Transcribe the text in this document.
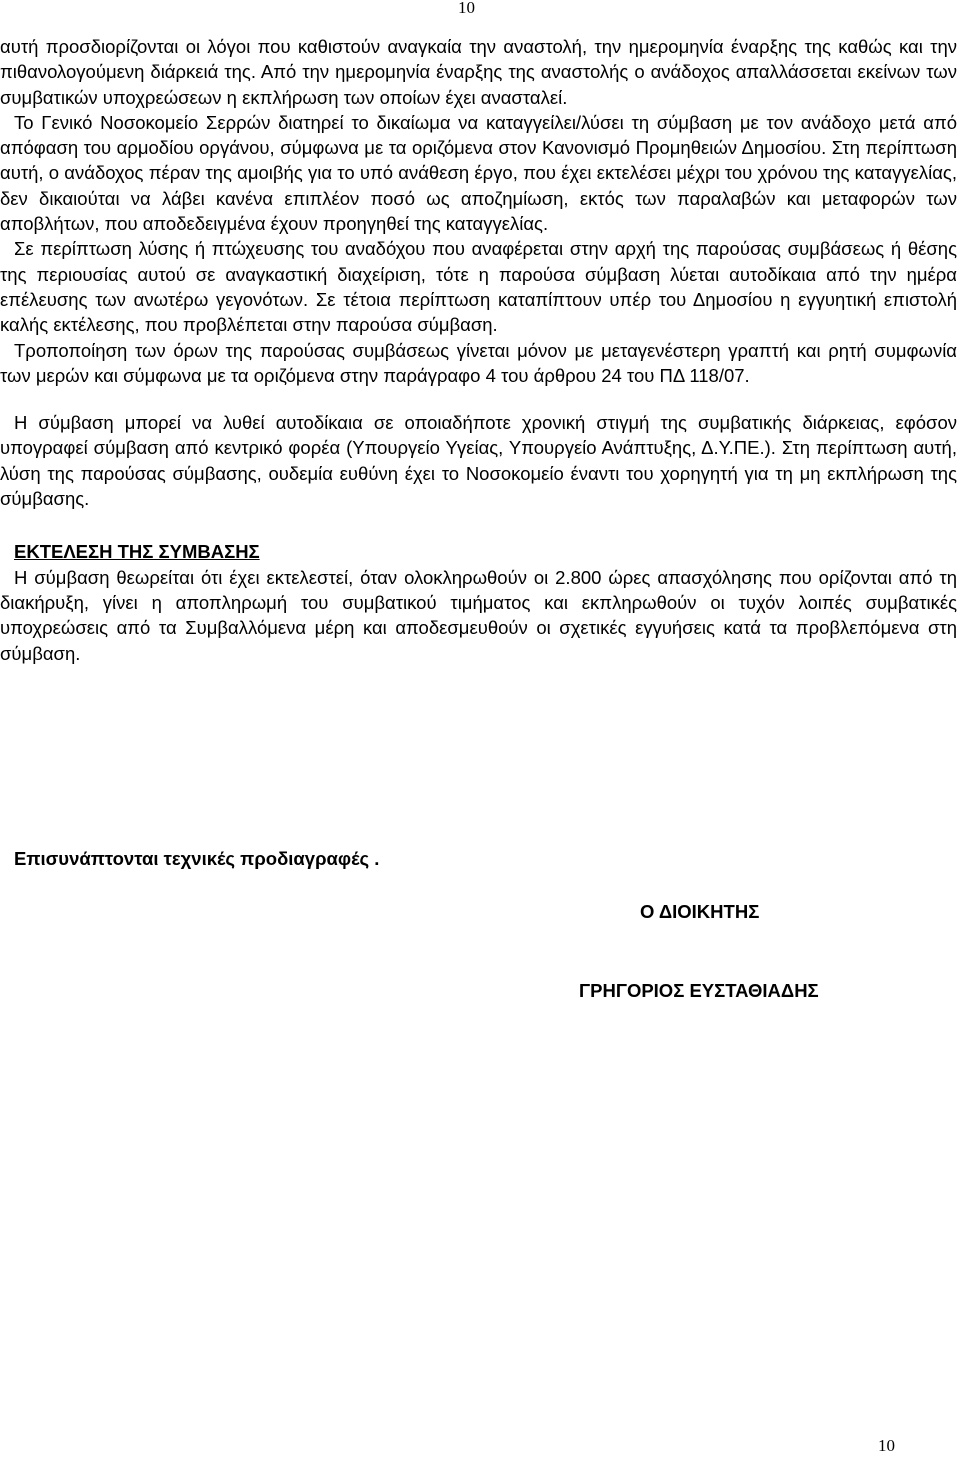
10

αυτή προσδιορίζονται οι λόγοι που καθιστούν αναγκαία την αναστολή, την ημερομηνία έναρξης της καθώς και την πιθανολογούμενη διάρκειά της. Από την ημερομηνία έναρξης της αναστολής ο ανάδοχος απαλλάσσεται εκείνων των συμβατικών υποχρεώσεων η εκπλήρωση των οποίων έχει ανασταλεί.

Το Γενικό Νοσοκομείο Σερρών διατηρεί το δικαίωμα να καταγγείλει/λύσει τη σύμβαση με τον ανάδοχο μετά από απόφαση του αρμοδίου οργάνου, σύμφωνα με τα οριζόμενα στον Κανονισμό Προμηθειών Δημοσίου. Στη περίπτωση αυτή, ο ανάδοχος πέραν της αμοιβής για το υπό ανάθεση έργο, που έχει εκτελέσει μέχρι του χρόνου της καταγγελίας, δεν δικαιούται να λάβει κανένα επιπλέον ποσό ως αποζημίωση, εκτός των παραλαβών και μεταφορών των αποβλήτων, που αποδεδειγμένα έχουν προηγηθεί της καταγγελίας.

Σε περίπτωση λύσης ή πτώχευσης του αναδόχου που αναφέρεται στην αρχή της παρούσας συμβάσεως ή θέσης της περιουσίας αυτού σε αναγκαστική διαχείριση, τότε η παρούσα σύμβαση λύεται αυτοδίκαια από την ημέρα επέλευσης των ανωτέρω γεγονότων. Σε τέτοια περίπτωση καταπίπτουν υπέρ του Δημοσίου η εγγυητική επιστολή καλής εκτέλεσης, που προβλέπεται στην παρούσα σύμβαση.

Τροποποίηση των όρων της παρούσας συμβάσεως γίνεται μόνον με μεταγενέστερη γραπτή και ρητή συμφωνία των μερών και σύμφωνα με τα οριζόμενα στην παράγραφο 4 του άρθρου 24 του ΠΔ 118/07.

Η σύμβαση μπορεί να λυθεί αυτοδίκαια σε οποιαδήποτε χρονική στιγμή της συμβατικής διάρκειας, εφόσον υπογραφεί σύμβαση από κεντρικό φορέα (Υπουργείο Υγείας, Υπουργείο Ανάπτυξης, Δ.Υ.ΠΕ.). Στη περίπτωση αυτή, λύση της παρούσας σύμβασης, ουδεμία ευθύνη έχει το Νοσοκομείο έναντι του χορηγητή για τη μη εκπλήρωση της σύμβασης.

ΕΚΤΕΛΕΣΗ ΤΗΣ ΣΥΜΒΑΣΗΣ

Η σύμβαση θεωρείται ότι έχει εκτελεστεί, όταν ολοκληρωθούν οι 2.800 ώρες απασχόλησης που ορίζονται από τη διακήρυξη, γίνει η αποπληρωμή του συμβατικού τιμήματος και εκπληρωθούν οι τυχόν λοιπές συμβατικές υποχρεώσεις από τα Συμβαλλόμενα μέρη και αποδεσμευθούν οι σχετικές εγγυήσεις κατά τα προβλεπόμενα στη σύμβαση.

Επισυνάπτονται τεχνικές προδιαγραφές .
Ο ΔΙΟΙΚΗΤΗΣ
ΓΡΗΓΟΡΙΟΣ ΕΥΣΤΑΘΙΑΔΗΣ
10
